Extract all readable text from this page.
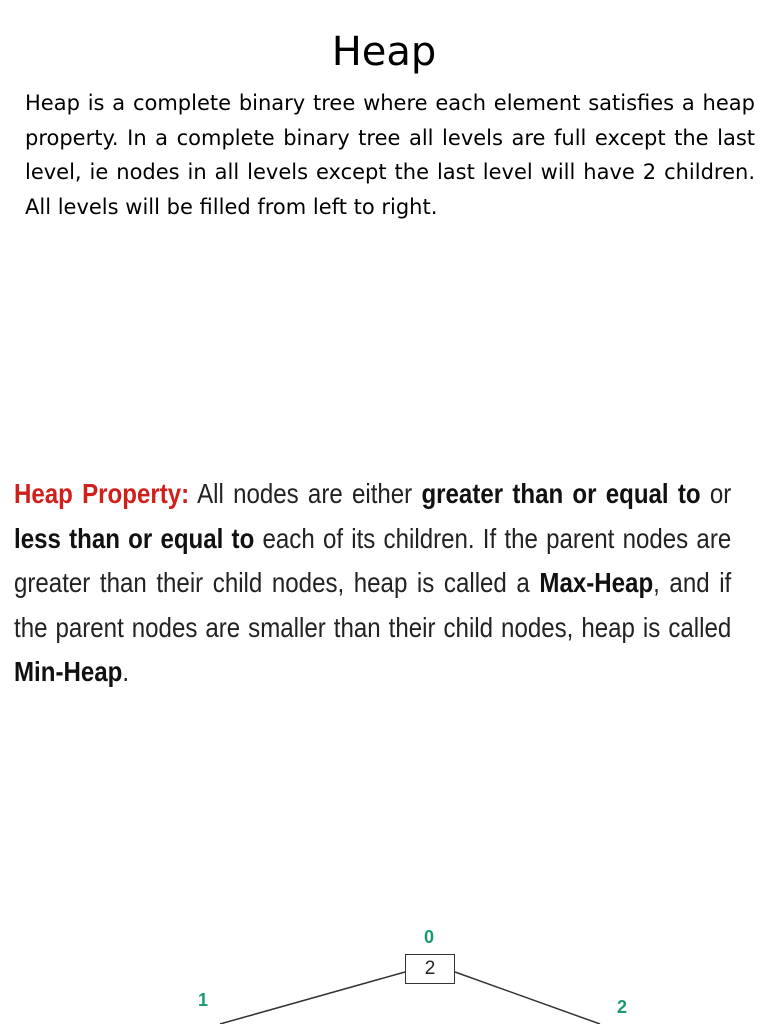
Heap

Heap is a complete binary tree where each element satisfies a heap property. In a complete binary tree all levels are full except the last level, ie nodes in all levels except the last level will have 2 children. All levels will be filled from left to right.

Heap Property: All nodes are either greater than or equal to or less than or equal to each of its children. If the parent nodes are greater than their child nodes, heap is called a Max-Heap, and if the parent nodes are smaller than their child nodes, heap is called Min-Heap.
0
2
1	2
